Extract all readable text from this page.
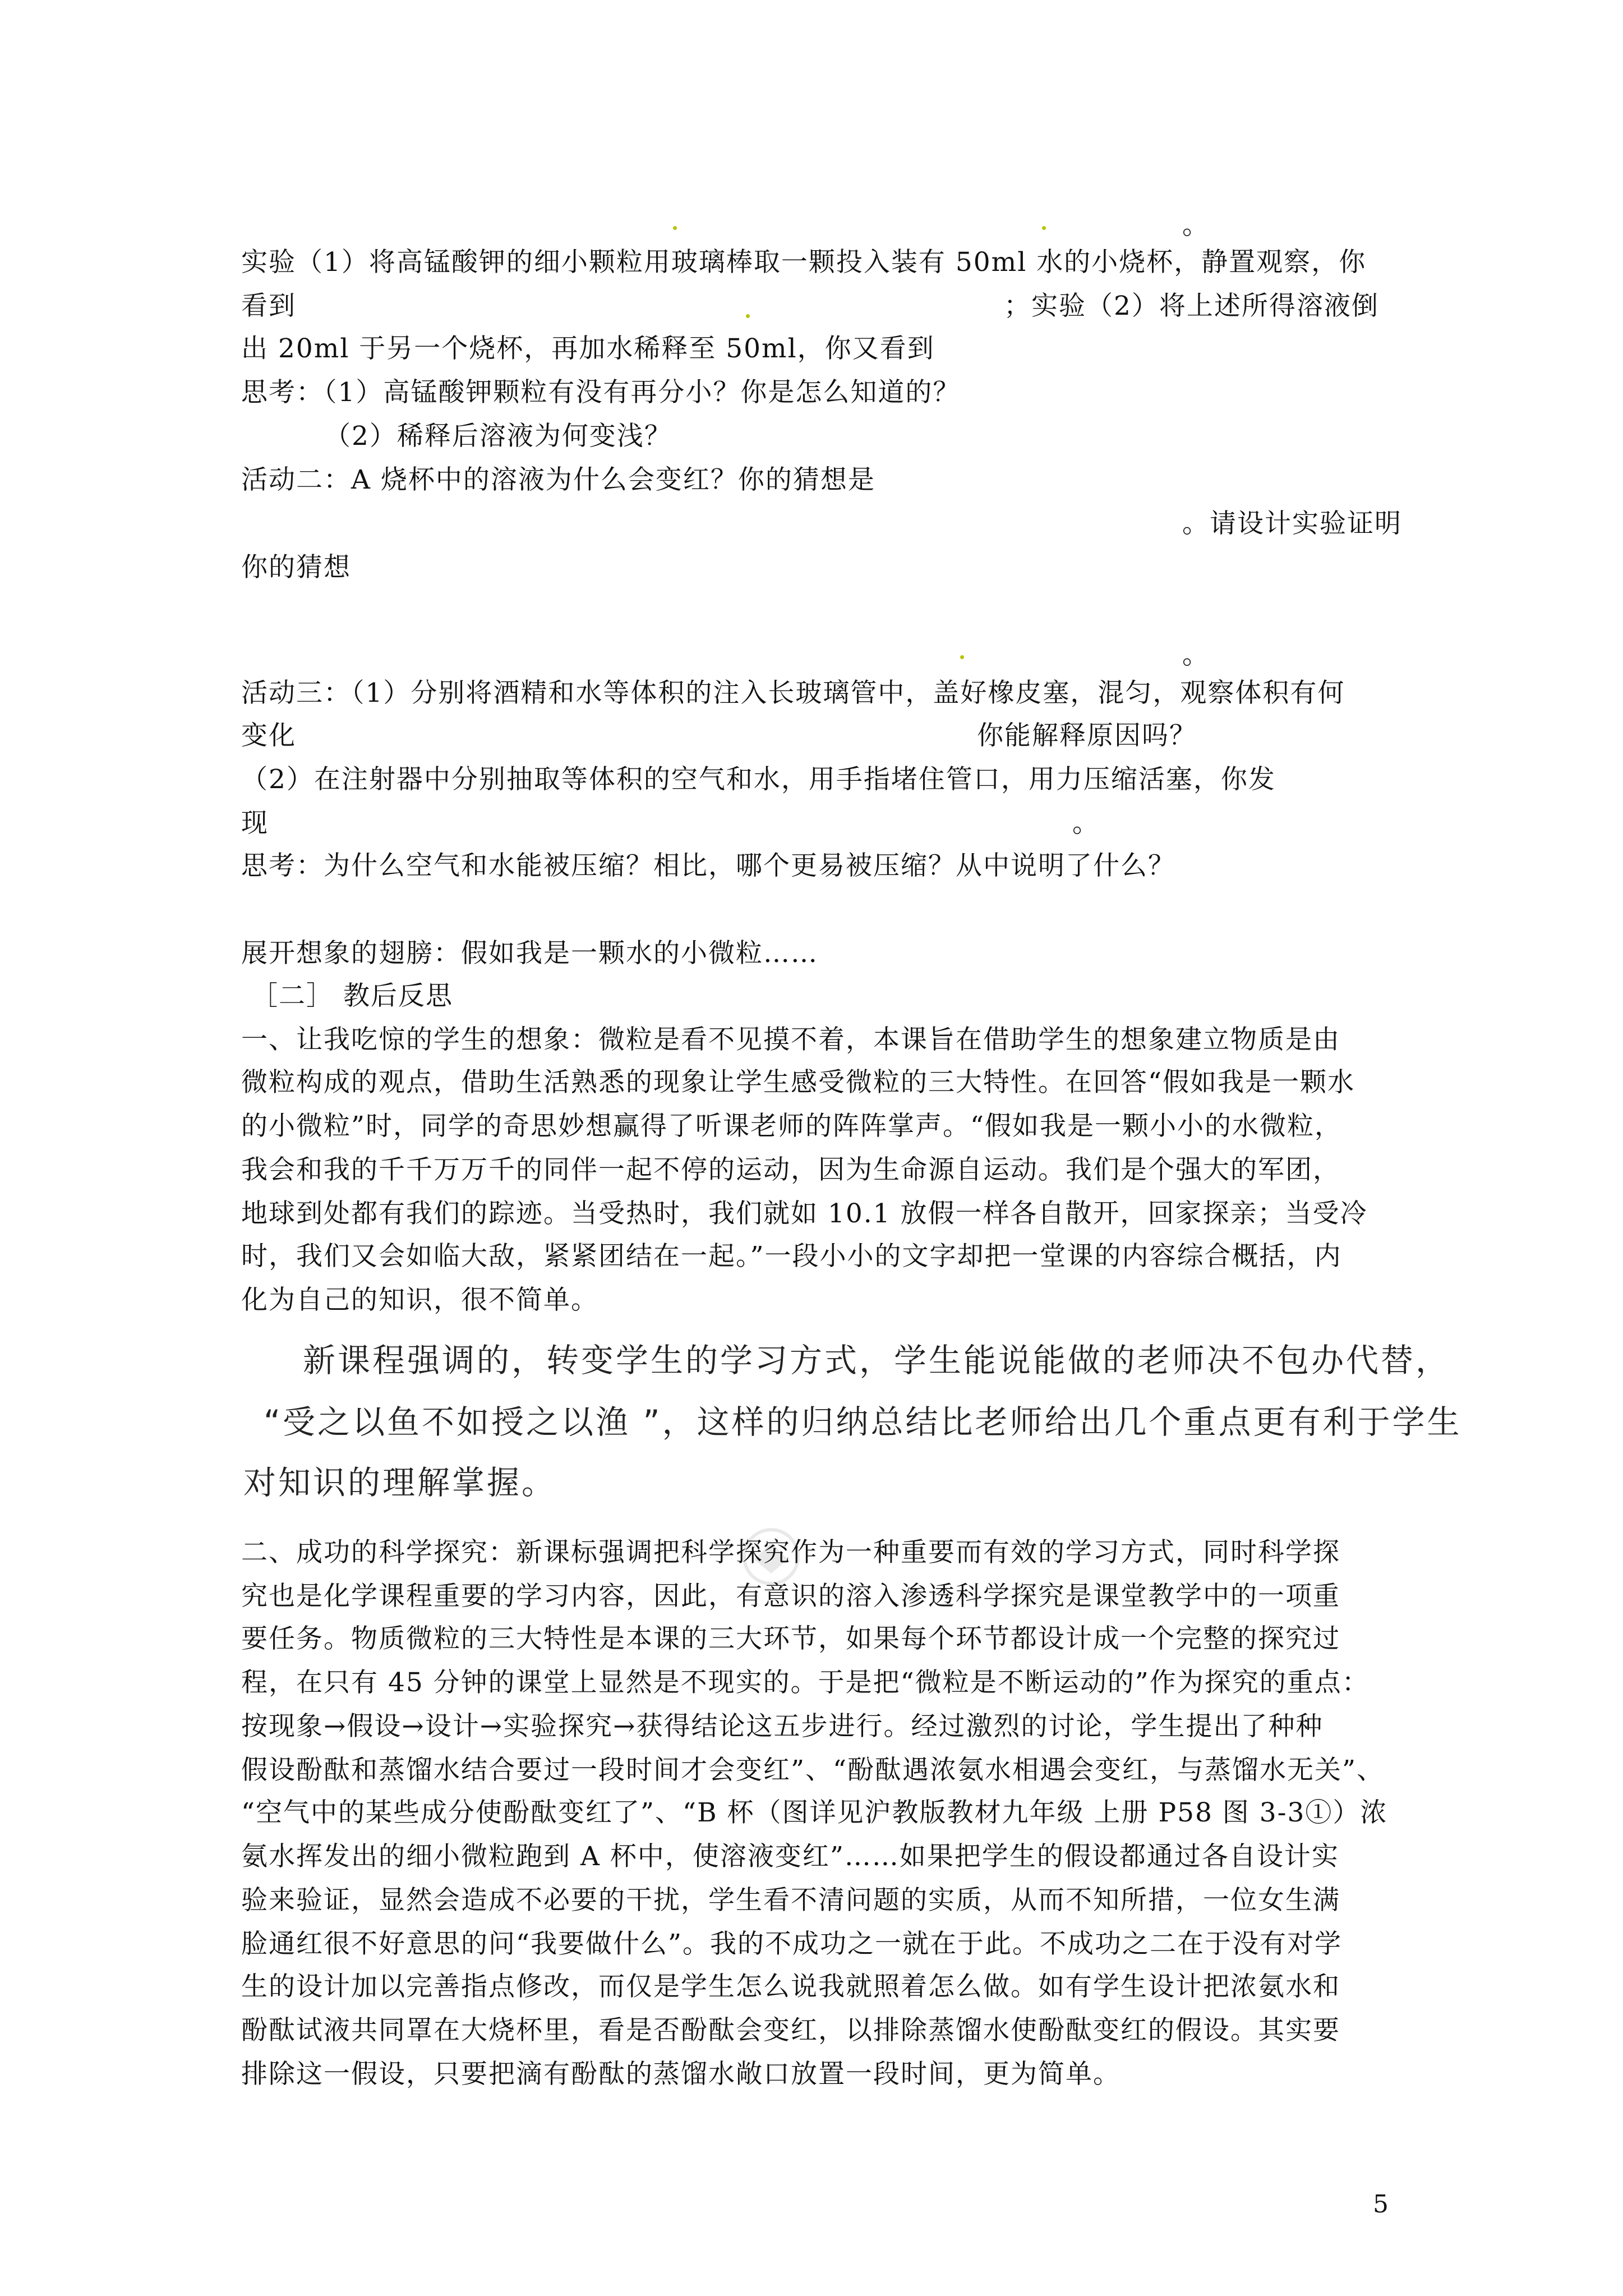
。
实验（1）将高锰酸钾的细小颗粒用玻璃棒取一颗投入装有 50ml 水的小烧杯，静置观察，你
看到	；实验（2）将上述所得溶液倒
出 20ml 于另一个烧杯，再加水稀释至 50ml，你又看到
思考：（1）高锰酸钾颗粒有没有再分小？你是怎么知道的？
（2）稀释后溶液为何变浅？
活动二：A 烧杯中的溶液为什么会变红？你的猜想是
。请设计实验证明
你的猜想
。
活动三：（1）分别将酒精和水等体积的注入长玻璃管中，盖好橡皮塞，混匀，观察体积有何
变化	你能解释原因吗？
（2）在注射器中分别抽取等体积的空气和水，用手指堵住管口，用力压缩活塞，你发
现	。
思考：为什么空气和水能被压缩？相比，哪个更易被压缩？从中说明了什么？
展开想象的翅膀：假如我是一颗水的小微粒……
［二］ 教后反思
一、让我吃惊的学生的想象：微粒是看不见摸不着，本课旨在借助学生的想象建立物质是由
微粒构成的观点，借助生活熟悉的现象让学生感受微粒的三大特性。在回答“假如我是一颗水
的小微粒”时，同学的奇思妙想赢得了听课老师的阵阵掌声。“假如我是一颗小小的水微粒，
我会和我的千千万万千的同伴一起不停的运动，因为生命源自运动。我们是个强大的军团，
地球到处都有我们的踪迹。当受热时，我们就如 10.1 放假一样各自散开，回家探亲；当受冷
时，我们又会如临大敌，紧紧团结在一起。”一段小小的文字却把一堂课的内容综合概括，内
化为自己的知识，很不简单。
新课程强调的，转变学生的学习方式，学生能说能做的老师决不包办代替，
“受之以鱼不如授之以渔 ”，这样的归纳总结比老师给出几个重点更有利于学生
对知识的理解掌握。
二、成功的科学探究：新课标强调把科学探究作为一种重要而有效的学习方式，同时科学探
究也是化学课程重要的学习内容，因此，有意识的溶入渗透科学探究是课堂教学中的一项重
要任务。物质微粒的三大特性是本课的三大环节，如果每个环节都设计成一个完整的探究过
程，在只有 45 分钟的课堂上显然是不现实的。于是把“微粒是不断运动的”作为探究的重点：
按现象→假设→设计→实验探究→获得结论这五步进行。经过激烈的讨论，学生提出了种种
假设酚酞和蒸馏水结合要过一段时间才会变红”、“酚酞遇浓氨水相遇会变红，与蒸馏水无关”、
“空气中的某些成分使酚酞变红了”、“B 杯（图详见沪教版教材九年级 上册 P58 图 3-3①）浓
氨水挥发出的细小微粒跑到 A 杯中，使溶液变红”……如果把学生的假设都通过各自设计实
验来验证，显然会造成不必要的干扰，学生看不清问题的实质，从而不知所措，一位女生满
脸通红很不好意思的问“我要做什么”。我的不成功之一就在于此。不成功之二在于没有对学
生的设计加以完善指点修改，而仅是学生怎么说我就照着怎么做。如有学生设计把浓氨水和
酚酞试液共同罩在大烧杯里，看是否酚酞会变红，以排除蒸馏水使酚酞变红的假设。其实要
排除这一假设，只要把滴有酚酞的蒸馏水敞口放置一段时间，更为简单。
5
